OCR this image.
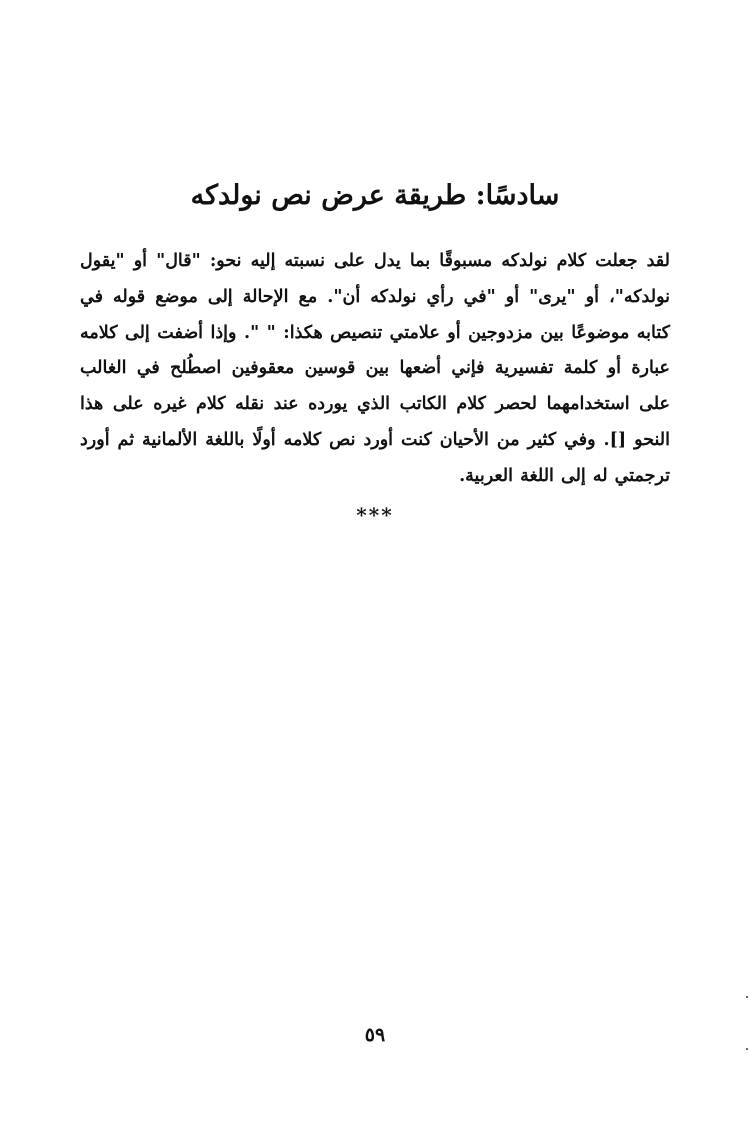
سادسًا: طريقة عرض نص نولدكه

لقد جعلت كلام نولدكه مسبوقًا بما يدل على نسبته إليه نحو: "قال" أو "يقول نولدكه"، أو "يرى" أو "في رأي نولدكه أن". مع الإحالة إلى موضع قوله في كتابه موضوعًا بين مزدوجين أو علامتي تنصيص هكذا: " ". وإذا أضفت إلى كلامه عبارة أو كلمة تفسيرية فإني أضعها بين قوسين معقوفين اصطُلح في الغالب على استخدامهما لحصر كلام الكاتب الذي يورده عند نقله كلام غيره على هذا النحو []. وفي كثير من الأحيان كنت أورد نص كلامه أولًا باللغة الألمانية ثم أورد ترجمتي له إلى اللغة العربية.

***
٥٩
